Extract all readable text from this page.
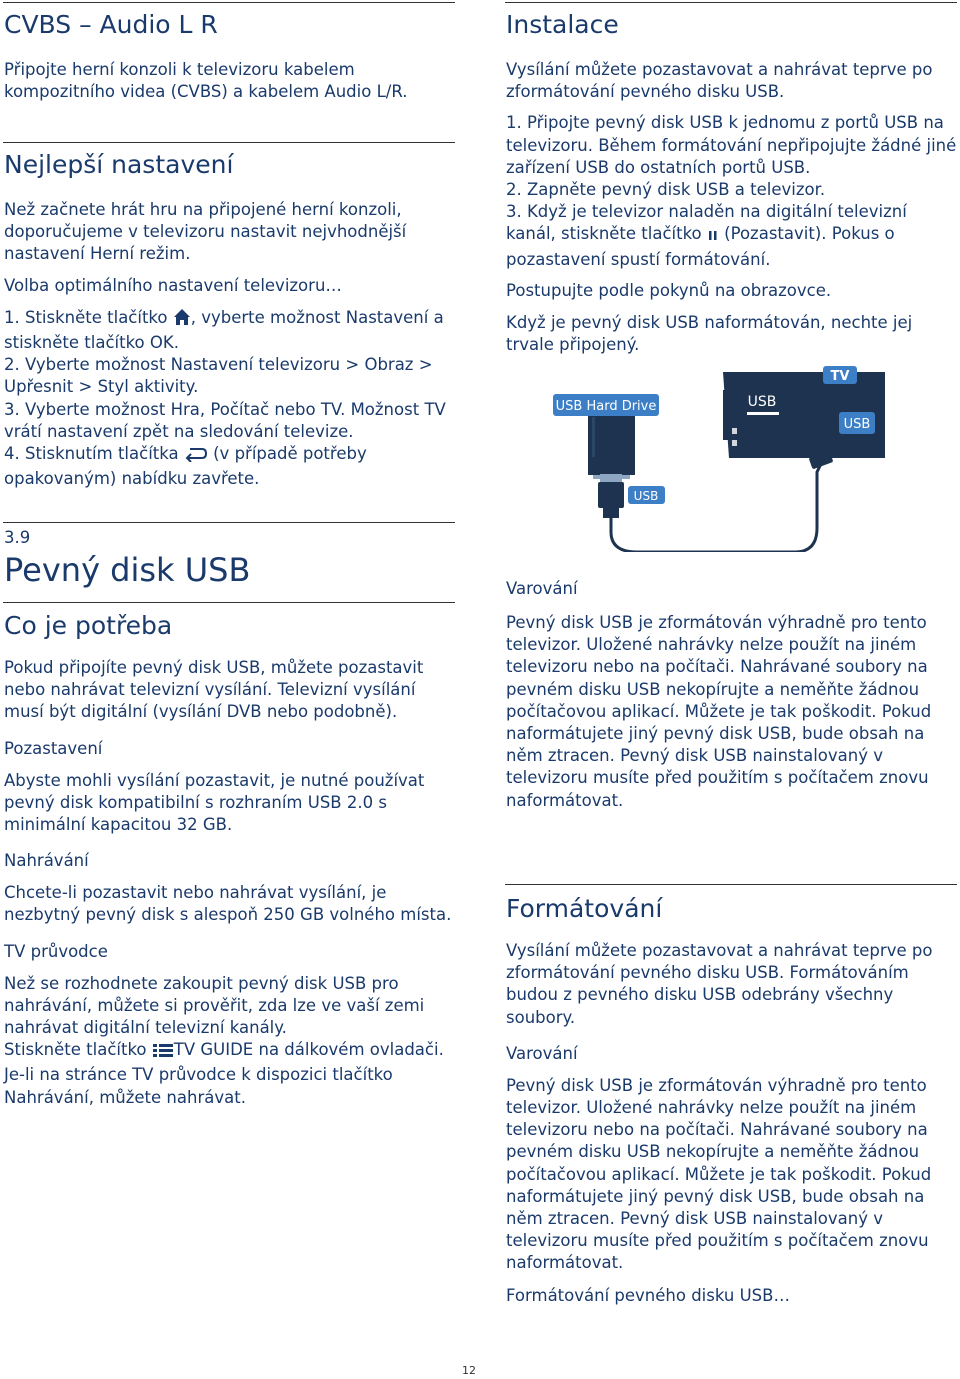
CVBS – Audio L R

Připojte herní konzoli k televizoru kabelem kompozitního videa (CVBS) a kabelem Audio L/R.

Nejlepší nastavení

Než začnete hrát hru na připojené herní konzoli, doporučujeme v televizoru nastavit nejvhodnější nastavení Herní režim.

Volba optimálního nastavení televizoru…

1. Stiskněte tlačítko , vyberte možnost Nastavení a stiskněte tlačítko OK.
2. Vyberte možnost Nastavení televizoru > Obraz > Upřesnit > Styl aktivity.
3. Vyberte možnost Hra, Počítač nebo TV. Možnost TV vrátí nastavení zpět na sledování televize.
4. Stisknutím tlačítka  (v případě potřeby opakovaným) nabídku zavřete.

3.9
Pevný disk USB
Co je potřeba

Pokud připojíte pevný disk USB, můžete pozastavit nebo nahrávat televizní vysílání. Televizní vysílání musí být digitální (vysílání DVB nebo podobně).

Pozastavení

Abyste mohli vysílání pozastavit, je nutné používat pevný disk kompatibilní s rozhraním USB 2.0 s minimální kapacitou 32 GB.

Nahrávání

Chcete-li pozastavit nebo nahrávat vysílání, je nezbytný pevný disk s alespoň 250 GB volného místa.

TV průvodce

Než se rozhodnete zakoupit pevný disk USB pro nahrávání, můžete si prověřit, zda lze ve vaší zemi nahrávat digitální televizní kanály.

Stiskněte tlačítko TV GUIDE na dálkovém ovladači. Je-li na stránce TV průvodce k dispozici tlačítko Nahrávání, můžete nahrávat.

Instalace

Vysílání můžete pozastavovat a nahrávat teprve po zformátování pevného disku USB.

1. Připojte pevný disk USB k jednomu z portů USB na televizoru. Během formátování nepřipojujte žádné jiné zařízení USB do ostatních portů USB.
2. Zapněte pevný disk USB a televizor.
3. Když je televizor naladěn na digitální televizní kanál, stiskněte tlačítko  (Pozastavit). Pokus o pozastavení spustí formátování.

Postupujte podle pokynů na obrazovce.

Když je pevný disk USB naformátován, nechte jej trvale připojený.

TV
USB
USB
USB Hard Drive
USB
Varování

Pevný disk USB je zformátován výhradně pro tento televizor. Uložené nahrávky nelze použít na jiném televizoru nebo na počítači. Nahrávané soubory na pevném disku USB nekopírujte a neměňte žádnou počítačovou aplikací. Můžete je tak poškodit. Pokud naformátujete jiný pevný disk USB, bude obsah na něm ztracen. Pevný disk USB nainstalovaný v televizoru musíte před použitím s počítačem znovu naformátovat.

Formátování

Vysílání můžete pozastavovat a nahrávat teprve po zformátování pevného disku USB. Formátováním budou z pevného disku USB odebrány všechny soubory.

Varování

Pevný disk USB je zformátován výhradně pro tento televizor. Uložené nahrávky nelze použít na jiném televizoru nebo na počítači. Nahrávané soubory na pevném disku USB nekopírujte a neměňte žádnou počítačovou aplikací. Můžete je tak poškodit. Pokud naformátujete jiný pevný disk USB, bude obsah na něm ztracen. Pevný disk USB nainstalovaný v televizoru musíte před použitím s počítačem znovu naformátovat.

Formátování pevného disku USB…

12
